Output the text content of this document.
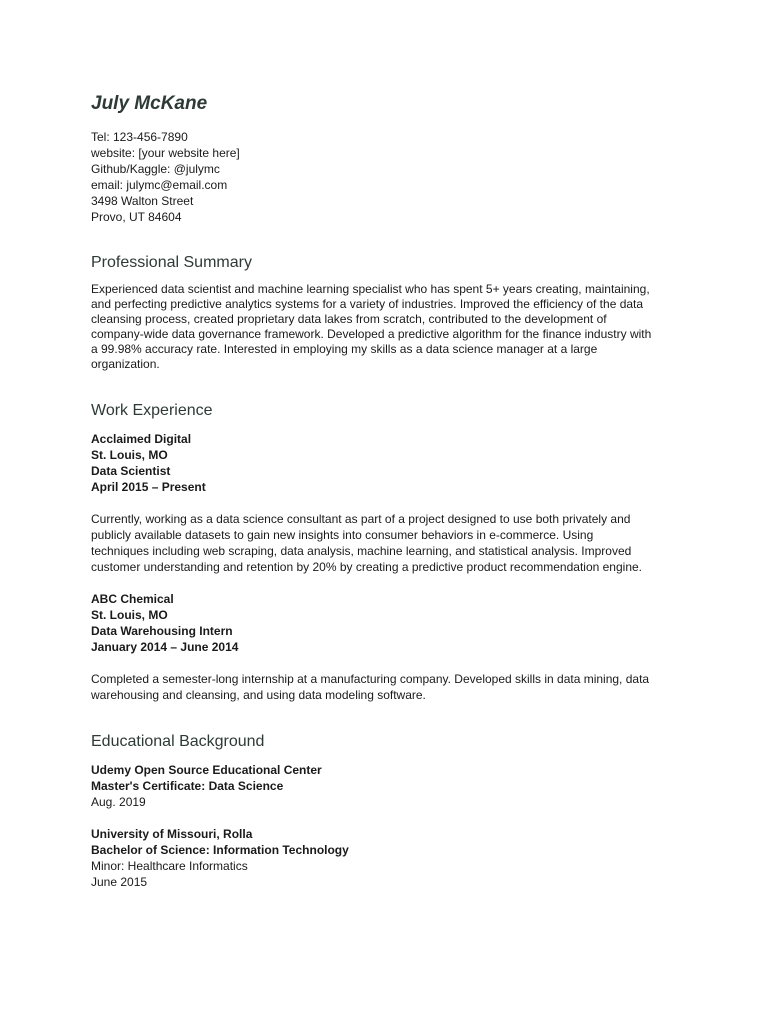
July McKane
Tel: 123-456-7890
website: [your website here]
Github/Kaggle: @julymc
email: julymc@email.com
3498 Walton Street
Provo, UT 84604
Professional Summary
Experienced data scientist and machine learning specialist who has spent 5+ years creating, maintaining,
and perfecting predictive analytics systems for a variety of industries. Improved the efficiency of the data
cleansing process, created proprietary data lakes from scratch, contributed to the development of
company-wide data governance framework. Developed a predictive algorithm for the finance industry with
a 99.98% accuracy rate. Interested in employing my skills as a data science manager at a large
organization.
Work Experience
Acclaimed Digital
St. Louis, MO
Data Scientist
April 2015 – Present
Currently, working as a data science consultant as part of a project designed to use both privately and
publicly available datasets to gain new insights into consumer behaviors in e-commerce. Using
techniques including web scraping, data analysis, machine learning, and statistical analysis. Improved
customer understanding and retention by 20% by creating a predictive product recommendation engine.
ABC Chemical
St. Louis, MO
Data Warehousing Intern
January 2014 – June 2014
Completed a semester-long internship at a manufacturing company. Developed skills in data mining, data
warehousing and cleansing, and using data modeling software.
Educational Background
Udemy Open Source Educational Center
Master's Certificate: Data Science
Aug. 2019
University of Missouri, Rolla
Bachelor of Science: Information Technology
Minor: Healthcare Informatics
June 2015
